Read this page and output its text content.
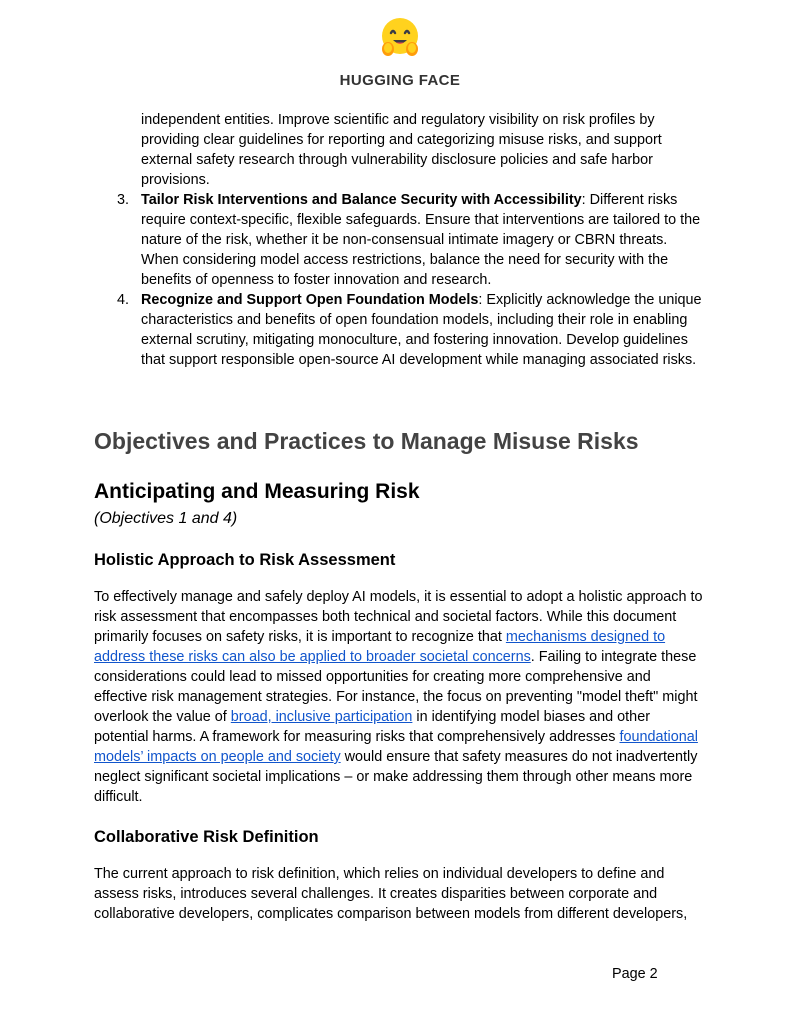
HUGGING FACE
independent entities. Improve scientific and regulatory visibility on risk profiles by providing clear guidelines for reporting and categorizing misuse risks, and support external safety research through vulnerability disclosure policies and safe harbor provisions.
3. Tailor Risk Interventions and Balance Security with Accessibility: Different risks require context-specific, flexible safeguards. Ensure that interventions are tailored to the nature of the risk, whether it be non-consensual intimate imagery or CBRN threats. When considering model access restrictions, balance the need for security with the benefits of openness to foster innovation and research.
4. Recognize and Support Open Foundation Models: Explicitly acknowledge the unique characteristics and benefits of open foundation models, including their role in enabling external scrutiny, mitigating monoculture, and fostering innovation. Develop guidelines that support responsible open-source AI development while managing associated risks.
Objectives and Practices to Manage Misuse Risks
Anticipating and Measuring Risk

(Objectives 1 and 4)

Holistic Approach to Risk Assessment

To effectively manage and safely deploy AI models, it is essential to adopt a holistic approach to risk assessment that encompasses both technical and societal factors. While this document primarily focuses on safety risks, it is important to recognize that mechanisms designed to address these risks can also be applied to broader societal concerns. Failing to integrate these considerations could lead to missed opportunities for creating more comprehensive and effective risk management strategies. For instance, the focus on preventing "model theft" might overlook the value of broad, inclusive participation in identifying model biases and other potential harms. A framework for measuring risks that comprehensively addresses foundational models’ impacts on people and society would ensure that safety measures do not inadvertently neglect significant societal implications – or make addressing them through other means more difficult.

Collaborative Risk Definition

The current approach to risk definition, which relies on individual developers to define and assess risks, introduces several challenges. It creates disparities between corporate and collaborative developers, complicates comparison between models from different developers,

Page 2
